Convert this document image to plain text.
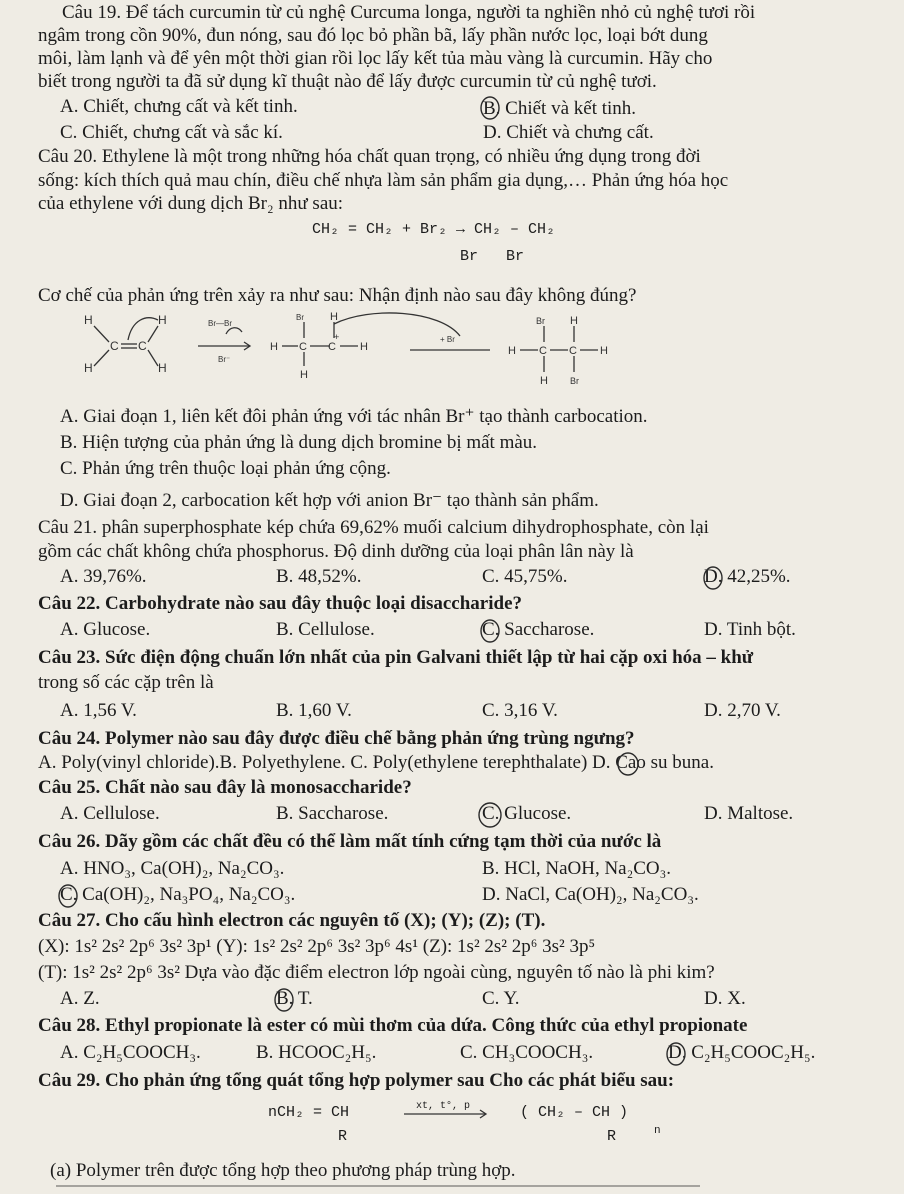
Câu 19. Để tách curcumin từ củ nghệ Curcuma longa, người ta nghiền nhỏ củ nghệ tươi rồi
ngâm trong cồn 90%, đun nóng, sau đó lọc bỏ phần bã, lấy phần nước lọc, loại bớt dung
môi, làm lạnh và để yên một thời gian rồi lọc lấy kết tủa màu vàng là curcumin. Hãy cho
biết trong người ta đã sử dụng kĩ thuật nào để lấy được curcumin từ củ nghệ tươi.
A. Chiết, chưng cất và kết tinh.	B. Chiết và kết tinh.
C. Chiết, chưng cất và sắc kí.	D. Chiết và chưng cất.
Câu 20. Ethylene là một trong những hóa chất quan trọng, có nhiều ứng dụng trong đời
sống: kích thích quả mau chín, điều chế nhựa làm sản phẩm gia dụng,… Phản ứng hóa học
của ethylene với dung dịch Br₂ như sau:
CH₂ = CH₂ + Br₂ → CH₂ – CH₂
Br Br
Cơ chế của phản ứng trên xảy ra như sau: Nhận định nào sau đây không đúng?
H
H
H
H
C C
Br—Br
Br⁻
H C C H
Br H
H
+	+ Br
H C C H
Br H
H Br
A. Giai đoạn 1, liên kết đôi phản ứng với tác nhân Br⁺ tạo thành carbocation.
B. Hiện tượng của phản ứng là dung dịch bromine bị mất màu.
C. Phản ứng trên thuộc loại phản ứng cộng.
D. Giai đoạn 2, carbocation kết hợp với anion Br⁻ tạo thành sản phẩm.
Câu 21. phân superphosphate kép chứa 69,62% muối calcium dihydrophosphate, còn lại
gồm các chất không chứa phosphorus. Độ dinh dưỡng của loại phân lân này là
A. 39,76%.	B. 48,52%.	C. 45,75%.	D. 42,25%.
Câu 22. Carbohydrate nào sau đây thuộc loại disaccharide?
A. Glucose.	B. Cellulose.	C. Saccharose.	D. Tinh bột.
Câu 23. Sức điện động chuẩn lớn nhất của pin Galvani thiết lập từ hai cặp oxi hóa – khử
trong số các cặp trên là
A. 1,56 V.	B. 1,60 V.	C. 3,16 V.	D. 2,70 V.
Câu 24. Polymer nào sau đây được điều chế bằng phản ứng trùng ngưng?
A. Poly(vinyl chloride).B. Polyethylene. C. Poly(ethylene terephthalate) D. Cao su buna.
Câu 25. Chất nào sau đây là monosaccharide?
A. Cellulose.	B. Saccharose.	C. Glucose.	D. Maltose.
Câu 26. Dãy gồm các chất đều có thể làm mất tính cứng tạm thời của nước là
A. HNO₃, Ca(OH)₂, Na₂CO₃.	B. HCl, NaOH, Na₂CO₃.
C. Ca(OH)₂, Na₃PO₄, Na₂CO₃.	D. NaCl, Ca(OH)₂, Na₂CO₃.
Câu 27. Cho cấu hình electron các nguyên tố (X); (Y); (Z); (T).
(X): 1s² 2s² 2p⁶ 3s² 3p¹ (Y): 1s² 2s² 2p⁶ 3s² 3p⁶ 4s¹ (Z): 1s² 2s² 2p⁶ 3s² 3p⁵
(T): 1s² 2s² 2p⁶ 3s² Dựa vào đặc điểm electron lớp ngoài cùng, nguyên tố nào là phi kim?
A. Z.	B. T.	C. Y.	D. X.
Câu 28. Ethyl propionate là ester có mùi thơm của dứa. Công thức của ethyl propionate
A. C₂H₅COOCH₃.	B. HCOOC₂H₅.	C. CH₃COOCH₃.	D. C₂H₅COOC₂H₅.
Câu 29. Cho phản ứng tổng quát tổng hợp polymer sau Cho các phát biểu sau:
nCH₂ = CH
R
xt, t°, p	( CH₂ – CH )
R	n
(a) Polymer trên được tổng hợp theo phương pháp trùng hợp.
